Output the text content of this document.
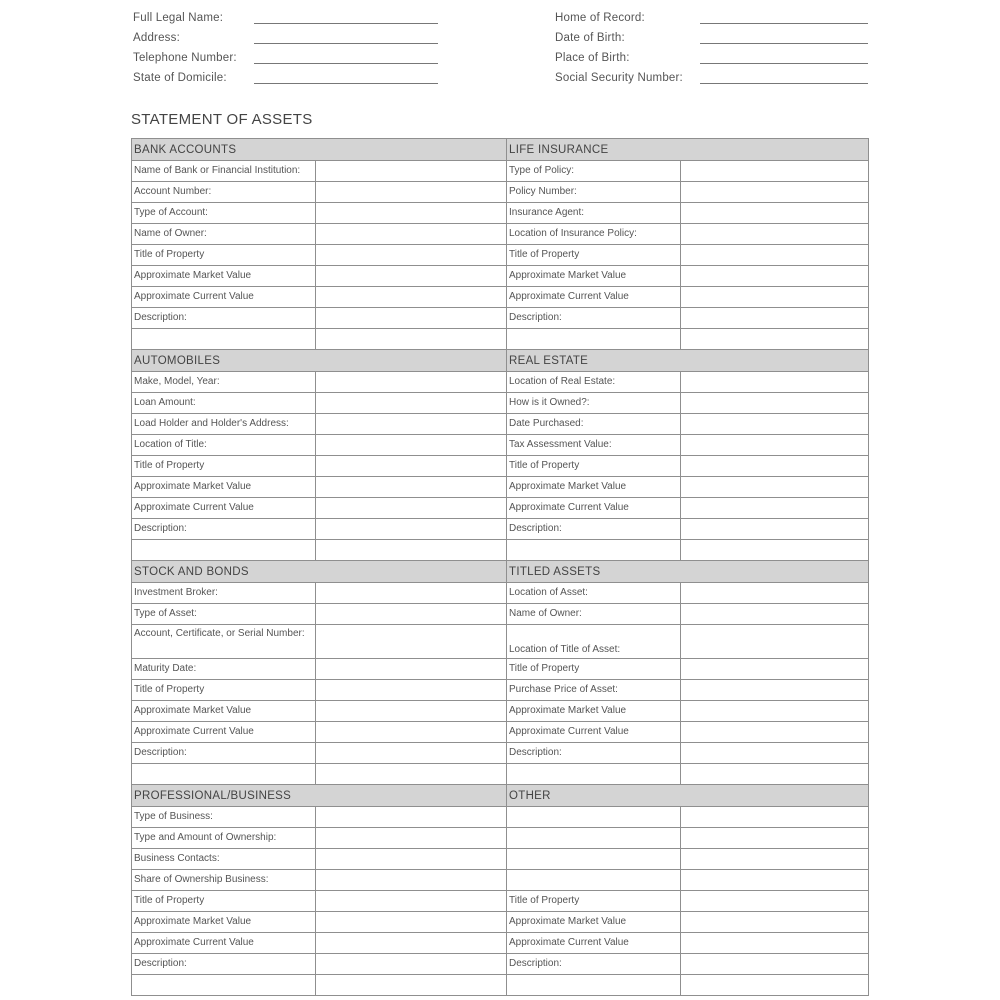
Full Legal Name:	Home of Record:
Address:	Date of Birth:
Telephone Number:	Place of Birth:
State of Domicile:	Social Security Number:
STATEMENT OF ASSETS
BANK ACCOUNTS		LIFE INSURANCE	
Name of Bank or Financial Institution:		Type of Policy:	
Account Number:		Policy Number:	
Type of Account:		Insurance Agent:	
Name of Owner:		Location of Insurance Policy:	
Title of Property		Title of Property	
Approximate Market Value		Approximate Market Value	
Approximate Current Value		Approximate Current Value	
Description:		Description:	

AUTOMOBILES		REAL ESTATE	
Make, Model, Year:		Location of Real Estate:	
Loan Amount:		How is it Owned?:	
Load Holder and Holder's Address:		Date Purchased:	
Location of Title:		Tax Assessment Value:	
Title of Property		Title of Property	
Approximate Market Value		Approximate Market Value	
Approximate Current Value		Approximate Current Value	
Description:		Description:	

STOCK AND BONDS		TITLED ASSETS	
Investment Broker:		Location of Asset:	
Type of Asset:		Name of Owner:	
Account, Certificate, or Serial Number:		Location of Title of Asset:	
Maturity Date:		Title of Property	
Title of Property		Purchase Price of Asset:	
Approximate Market Value		Approximate Market Value	
Approximate Current Value		Approximate Current Value	
Description:		Description:	

PROFESSIONAL/BUSINESS		OTHER	
Type of Business:			
Type and Amount of Ownership:			
Business Contacts:			
Share of Ownership Business:			
Title of Property		Title of Property	
Approximate Market Value		Approximate Market Value	
Approximate Current Value		Approximate Current Value	
Description:		Description:	
